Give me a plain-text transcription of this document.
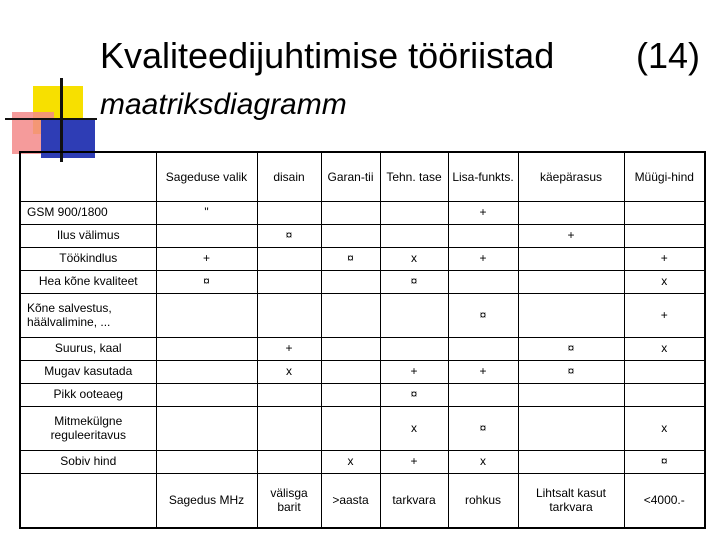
Kvaliteedijuhtimise tööriistad (14)
maatriksdiagramm
	Sageduse valik	disain	Garan-tii	Tehn. tase	Lisa-funkts.	käepärasus	Müügi-hind
GSM 900/1800	"				+		
Ilus välimus		¤				+	
Töökindlus	+		¤	x	+		+
Hea kõne kvaliteet	¤			¤			x
Kõne salvestus, häälvalimine, ...					¤		+
Suurus, kaal		+				¤	x
Mugav kasutada		x		+	+	¤	
Pikk ooteaeg				¤			
Mitmekülgne reguleeritavus				x	¤		x
Sobiv hind			x	+	x		¤
	Sagedus MHz	välisga barit	>aasta	tarkvara	rohkus	Lihtsalt kasut tarkvara	<4000.-
